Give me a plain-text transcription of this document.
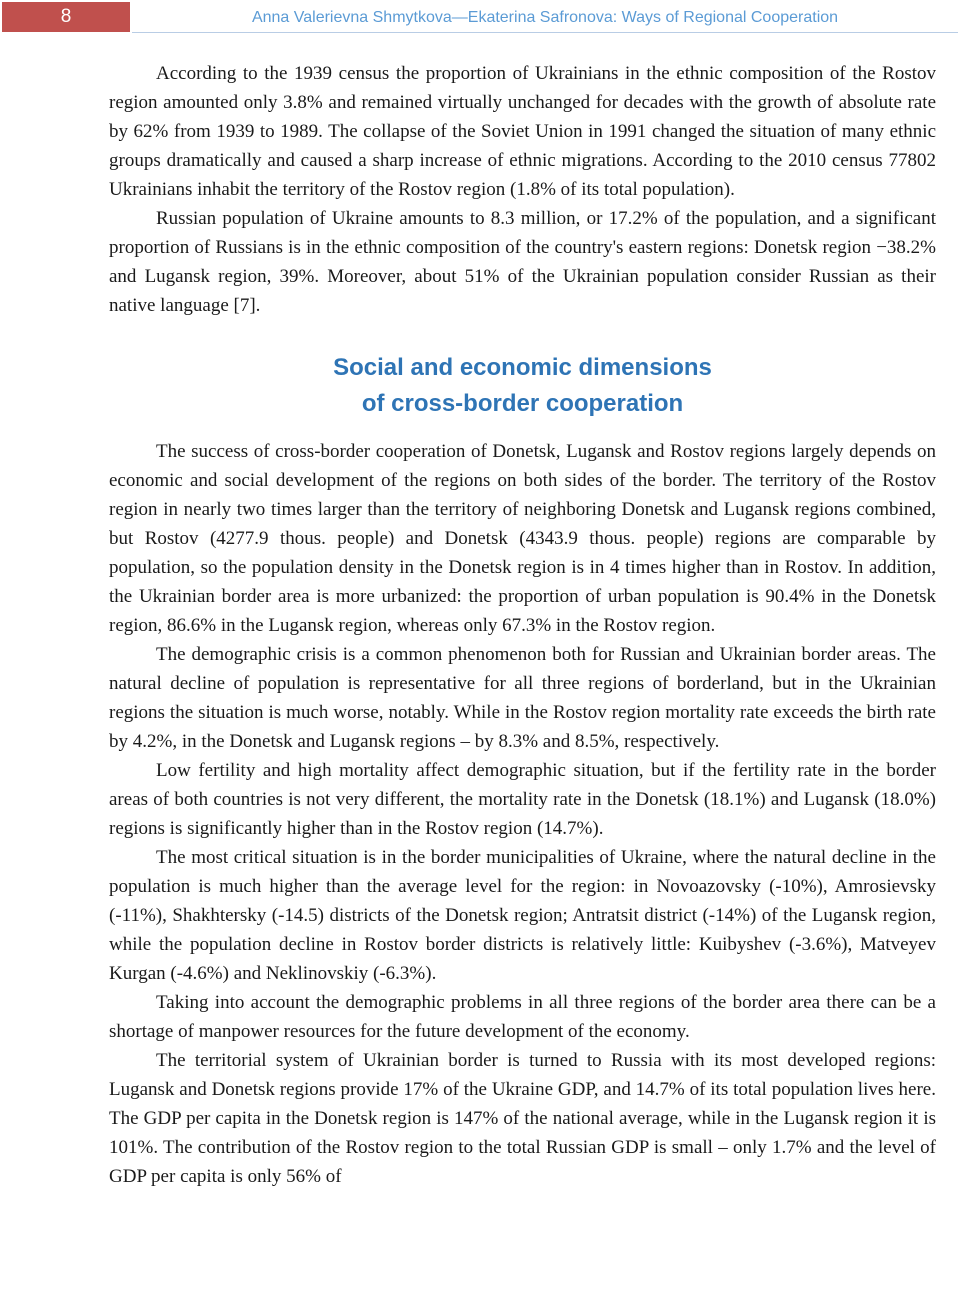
8	Anna Valerievna Shmytkova—Ekaterina Safronova: Ways of Regional Cooperation

According to the 1939 census the proportion of Ukrainians in the ethnic composition of the Rostov region amounted only 3.8% and remained virtually unchanged for decades with the growth of absolute rate by 62% from 1939 to 1989. The collapse of the Soviet Union in 1991 changed the situation of many ethnic groups dramatically and caused a sharp increase of ethnic migrations. According to the 2010 census 77802 Ukrainians inhabit the territory of the Rostov region (1.8% of its total population).

Russian population of Ukraine amounts to 8.3 million, or 17.2% of the population, and a significant proportion of Russians is in the ethnic composition of the country's eastern regions: Donetsk region −38.2% and Lugansk region, 39%. Moreover, about 51% of the Ukrainian population consider Russian as their native language [7].

Social and economic dimensions
of cross-border cooperation

The success of cross-border cooperation of Donetsk, Lugansk and Rostov regions largely depends on economic and social development of the regions on both sides of the border. The territory of the Rostov region in nearly two times larger than the territory of neighboring Donetsk and Lugansk regions combined, but Rostov (4277.9 thous. people) and Donetsk (4343.9 thous. people) regions are comparable by population, so the population density in the Donetsk region is in 4 times higher than in Rostov. In addition, the Ukrainian border area is more urbanized: the proportion of urban population is 90.4% in the Donetsk region, 86.6% in the Lugansk region, whereas only 67.3% in the Rostov region.

The demographic crisis is a common phenomenon both for Russian and Ukrainian border areas. The natural decline of population is representative for all three regions of borderland, but in the Ukrainian regions the situation is much worse, notably. While in the Rostov region mortality rate exceeds the birth rate by 4.2%, in the Donetsk and Lugansk regions – by 8.3% and 8.5%, respectively.

Low fertility and high mortality affect demographic situation, but if the fertility rate in the border areas of both countries is not very different, the mortality rate in the Donetsk (18.1%) and Lugansk (18.0%) regions is significantly higher than in the Rostov region (14.7%).

The most critical situation is in the border municipalities of Ukraine, where the natural decline in the population is much higher than the average level for the region: in Novoazovsky (-10%), Amrosievsky (-11%), Shakhtersky (-14.5) districts of the Donetsk region; Antratsit district (-14%) of the Lugansk region, while the population decline in Rostov border districts is relatively little: Kuibyshev (-3.6%), Matveyev Kurgan (-4.6%) and Neklinovskiy (-6.3%).

Taking into account the demographic problems in all three regions of the border area there can be a shortage of manpower resources for the future development of the economy.

The territorial system of Ukrainian border is turned to Russia with its most developed regions: Lugansk and Donetsk regions provide 17% of the Ukraine GDP, and 14.7% of its total population lives here. The GDP per capita in the Donetsk region is 147% of the national average, while in the Lugansk region it is 101%. The contribution of the Rostov region to the total Russian GDP is small – only 1.7% and the level of GDP per capita is only 56% of
